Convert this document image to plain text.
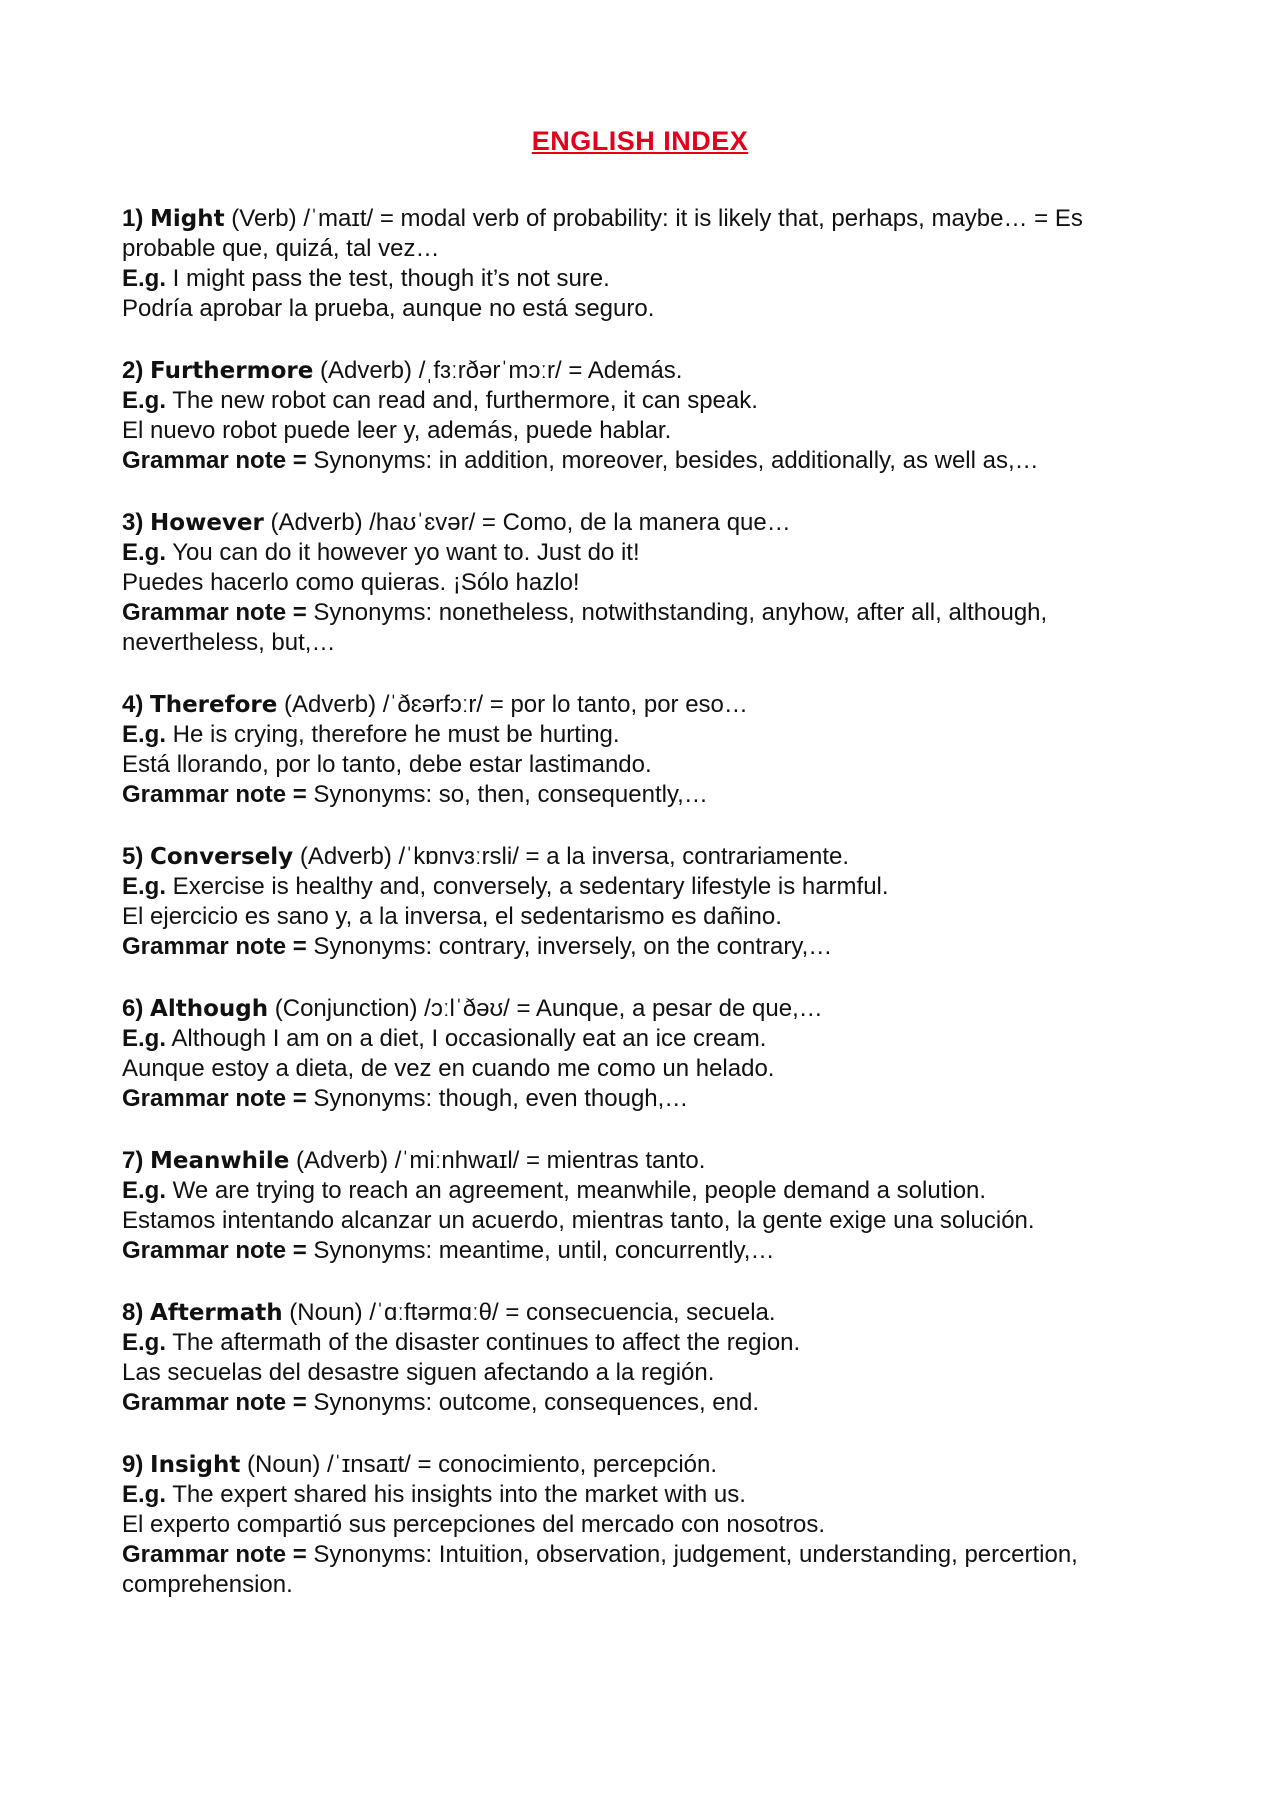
ENGLISH INDEX

1) Might (Verb) /ˈmaɪt/ = modal verb of probability: it is likely that, perhaps, maybe… = Es probable que, quizá, tal vez…

E.g. I might pass the test, though it’s not sure.

Podría aprobar la prueba, aunque no está seguro.

2) Furthermore (Adverb) /ˌfɜːrðərˈmɔːr/ = Además.

E.g. The new robot can read and, furthermore, it can speak.

El nuevo robot puede leer y, además, puede hablar.

Grammar note = Synonyms: in addition, moreover, besides, additionally, as well as,…

3) However (Adverb) /haʊˈɛvər/ = Como, de la manera que…

E.g. You can do it however yo want to. Just do it!

Puedes hacerlo como quieras. ¡Sólo hazlo!

Grammar note = Synonyms: nonetheless, notwithstanding, anyhow, after all, although, nevertheless, but,…

4) Therefore (Adverb) /ˈðɛərfɔːr/ = por lo tanto, por eso…

E.g. He is crying, therefore he must be hurting.

Está llorando, por lo tanto, debe estar lastimando.

Grammar note = Synonyms: so, then, consequently,…

5) Conversely (Adverb) /ˈkɒnvɜːrsli/ = a la inversa, contrariamente.

E.g. Exercise is healthy and, conversely, a sedentary lifestyle is harmful.

El ejercicio es sano y, a la inversa, el sedentarismo es dañino.

Grammar note = Synonyms: contrary, inversely, on the contrary,…

6) Although (Conjunction) /ɔːlˈðəʊ/ = Aunque, a pesar de que,…

E.g. Although I am on a diet, I occasionally eat an ice cream.

Aunque estoy a dieta, de vez en cuando me como un helado.

Grammar note = Synonyms: though, even though,…

7) Meanwhile (Adverb) /ˈmiːnhwaɪl/ = mientras tanto.

E.g. We are trying to reach an agreement, meanwhile, people demand a solution.

Estamos intentando alcanzar un acuerdo, mientras tanto, la gente exige una solución.

Grammar note = Synonyms: meantime, until, concurrently,…

8) Aftermath (Noun) /ˈɑːftərmɑːθ/ = consecuencia, secuela.

E.g. The aftermath of the disaster continues to affect the region.

Las secuelas del desastre siguen afectando a la región.

Grammar note = Synonyms: outcome, consequences, end.

9) Insight (Noun) /ˈɪnsaɪt/ = conocimiento, percepción.

E.g. The expert shared his insights into the market with us.

El experto compartió sus percepciones del mercado con nosotros.

Grammar note = Synonyms: Intuition, observation, judgement, understanding, percertion, comprehension.
